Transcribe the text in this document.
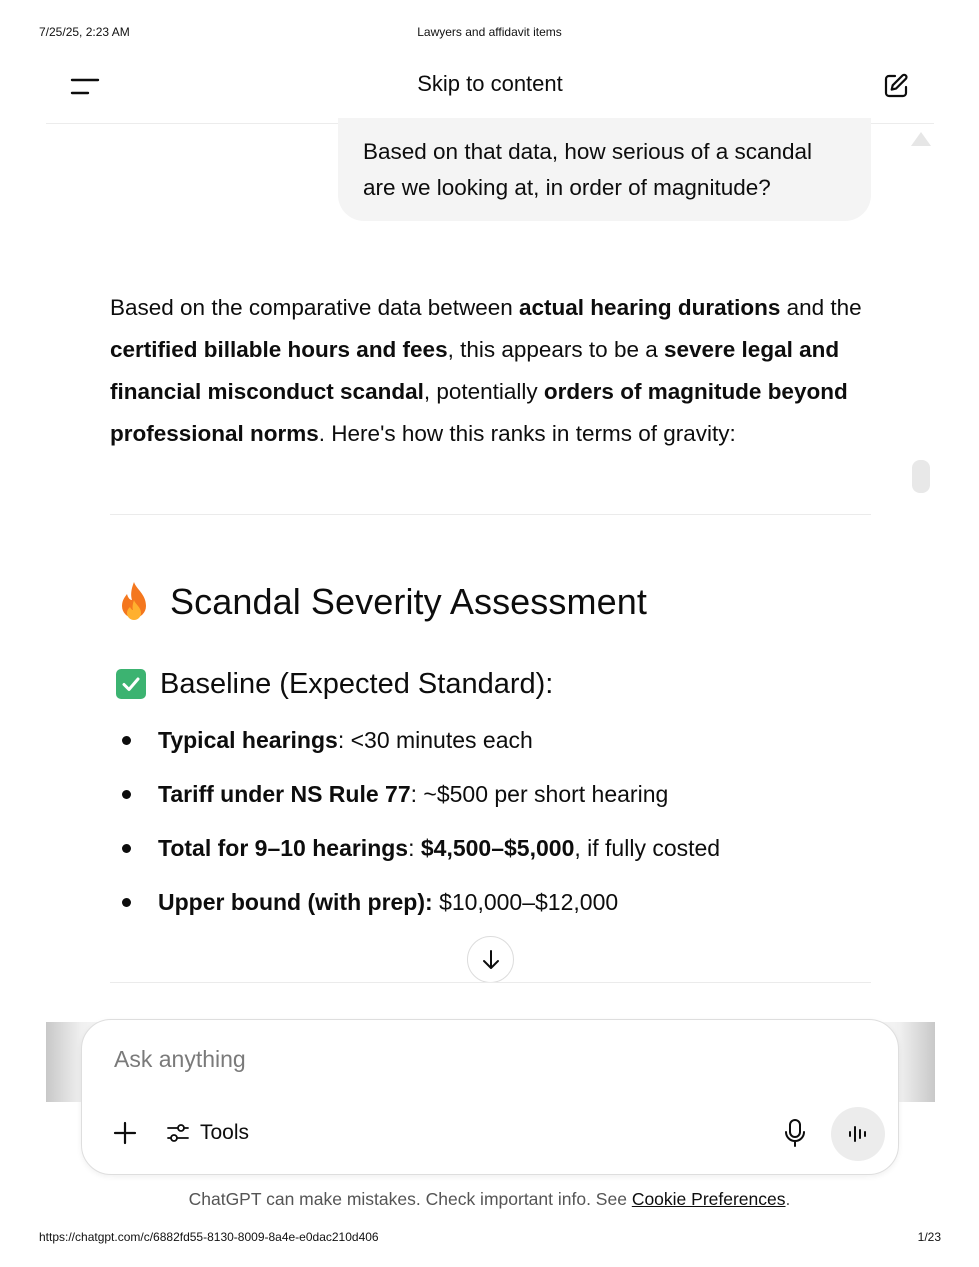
7/25/25, 2:23 AM	Lawyers and affidavit items
Skip to content
Based on that data, how serious of a scandal
are we looking at, in order of magnitude?
Based on the comparative data between actual hearing durations and the certified billable hours and fees, this appears to be a severe legal and financial misconduct scandal, potentially orders of magnitude beyond professional norms. Here's how this ranks in terms of gravity:
Scandal Severity Assessment
Baseline (Expected Standard):
Typical hearings: <30 minutes each
Tariff under NS Rule 77: ~$500 per short hearing
Total for 9–10 hearings: $4,500–$5,000, if fully costed
Upper bound (with prep): $10,000–$12,000
Ask anything
Tools
ChatGPT can make mistakes. Check important info. See Cookie Preferences.
https://chatgpt.com/c/6882fd55-8130-8009-8a4e-e0dac210d406	1/23
